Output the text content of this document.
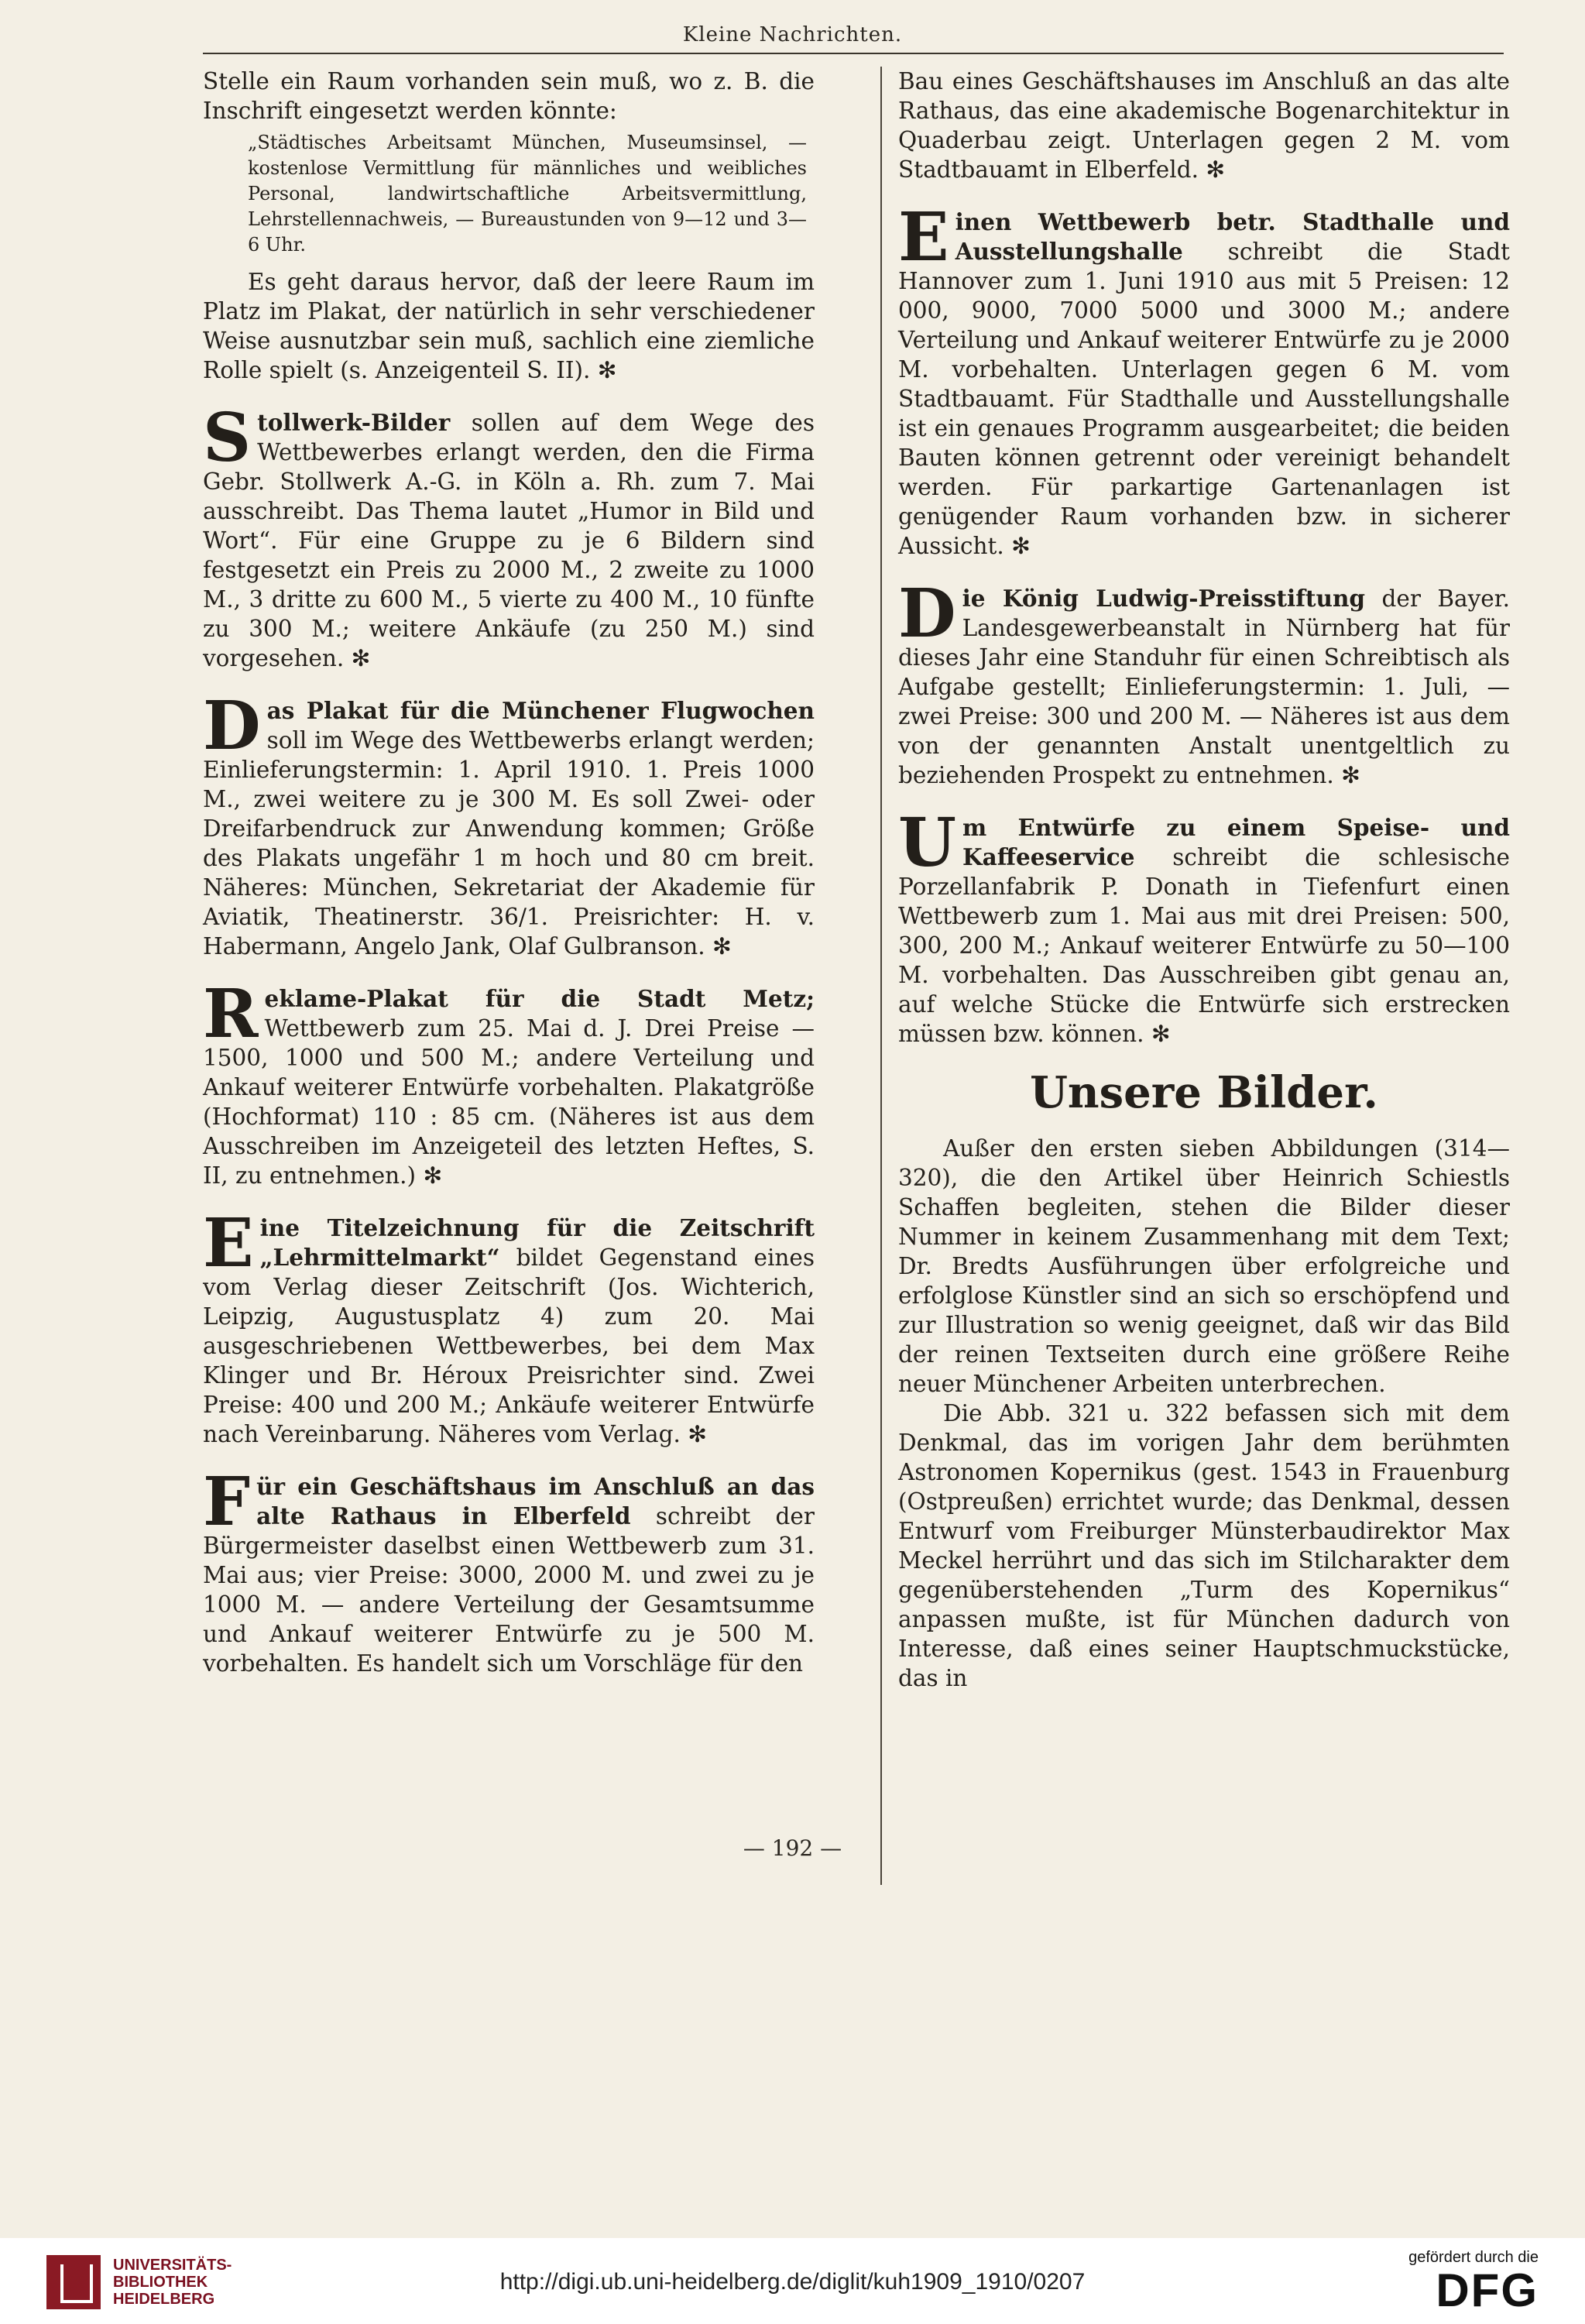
Kleine Nachrichten.

Stelle ein Raum vorhanden sein muß, wo z. B. die Inschrift eingesetzt werden könnte:

„Städtisches Arbeitsamt München, Museumsinsel, — kostenlose Vermittlung für männliches und weibliches Personal, landwirtschaftliche Arbeitsvermittlung, Lehrstellennachweis, — Bureaustunden von 9—12 und 3—6 Uhr.

Es geht daraus hervor, daß der leere Raum im Platz im Plakat, der natürlich in sehr verschiedener Weise ausnutzbar sein muß, sachlich eine ziemliche Rolle spielt (s. Anzeigenteil S. II). ✻

Stollwerk-Bilder sollen auf dem Wege des Wettbewerbes erlangt werden, den die Firma Gebr. Stollwerk A.-G. in Köln a. Rh. zum 7. Mai ausschreibt. Das Thema lautet „Humor in Bild und Wort“. Für eine Gruppe zu je 6 Bildern sind festgesetzt ein Preis zu 2000 M., 2 zweite zu 1000 M., 3 dritte zu 600 M., 5 vierte zu 400 M., 10 fünfte zu 300 M.; weitere Ankäufe (zu 250 M.) sind vorgesehen. ✻

Das Plakat für die Münchener Flugwochen soll im Wege des Wettbewerbs erlangt werden; Einlieferungstermin: 1. April 1910. 1. Preis 1000 M., zwei weitere zu je 300 M. Es soll Zwei- oder Dreifarbendruck zur Anwendung kommen; Größe des Plakats ungefähr 1 m hoch und 80 cm breit. Näheres: München, Sekretariat der Akademie für Aviatik, Theatinerstr. 36/1. Preisrichter: H. v. Habermann, Angelo Jank, Olaf Gulbranson. ✻

Reklame-Plakat für die Stadt Metz; Wettbewerb zum 25. Mai d. J. Drei Preise — 1500, 1000 und 500 M.; andere Verteilung und Ankauf weiterer Entwürfe vorbehalten. Plakatgröße (Hochformat) 110 : 85 cm. (Näheres ist aus dem Ausschreiben im Anzeigeteil des letzten Heftes, S. II, zu entnehmen.) ✻

Eine Titelzeichnung für die Zeitschrift „Lehrmittelmarkt“ bildet Gegenstand eines vom Verlag dieser Zeitschrift (Jos. Wichterich, Leipzig, Augustusplatz 4) zum 20. Mai ausgeschriebenen Wettbewerbes, bei dem Max Klinger und Br. Héroux Preisrichter sind. Zwei Preise: 400 und 200 M.; Ankäufe weiterer Entwürfe nach Vereinbarung. Näheres vom Verlag. ✻

Für ein Geschäftshaus im Anschluß an das alte Rathaus in Elberfeld schreibt der Bürgermeister daselbst einen Wettbewerb zum 31. Mai aus; vier Preise: 3000, 2000 M. und zwei zu je 1000 M. — andere Verteilung der Gesamtsumme und Ankauf weiterer Entwürfe zu je 500 M. vorbehalten. Es handelt sich um Vorschläge für den

Bau eines Geschäftshauses im Anschluß an das alte Rathaus, das eine akademische Bogenarchitektur in Quaderbau zeigt. Unterlagen gegen 2 M. vom Stadtbauamt in Elberfeld. ✻

Einen Wettbewerb betr. Stadthalle und Ausstellungshalle schreibt die Stadt Hannover zum 1. Juni 1910 aus mit 5 Preisen: 12 000, 9000, 7000 5000 und 3000 M.; andere Verteilung und Ankauf weiterer Entwürfe zu je 2000 M. vorbehalten. Unterlagen gegen 6 M. vom Stadtbauamt. Für Stadthalle und Ausstellungshalle ist ein genaues Programm ausgearbeitet; die beiden Bauten können getrennt oder vereinigt behandelt werden. Für parkartige Gartenanlagen ist genügender Raum vorhanden bzw. in sicherer Aussicht. ✻

Die König Ludwig-Preisstiftung der Bayer. Landesgewerbeanstalt in Nürnberg hat für dieses Jahr eine Standuhr für einen Schreibtisch als Aufgabe gestellt; Einlieferungstermin: 1. Juli, — zwei Preise: 300 und 200 M. — Näheres ist aus dem von der genannten Anstalt unentgeltlich zu beziehenden Prospekt zu entnehmen. ✻

Um Entwürfe zu einem Speise- und Kaffeeservice schreibt die schlesische Porzellanfabrik P. Donath in Tiefenfurt einen Wettbewerb zum 1. Mai aus mit drei Preisen: 500, 300, 200 M.; Ankauf weiterer Entwürfe zu 50—100 M. vorbehalten. Das Ausschreiben gibt genau an, auf welche Stücke die Entwürfe sich erstrecken müssen bzw. können. ✻

Unsere Bilder.

Außer den ersten sieben Abbildungen (314—320), die den Artikel über Heinrich Schiestls Schaffen begleiten, stehen die Bilder dieser Nummer in keinem Zusammenhang mit dem Text; Dr. Bredts Ausführungen über erfolgreiche und erfolglose Künstler sind an sich so erschöpfend und zur Illustration so wenig geeignet, daß wir das Bild der reinen Textseiten durch eine größere Reihe neuer Münchener Arbeiten unterbrechen.

Die Abb. 321 u. 322 befassen sich mit dem Denkmal, das im vorigen Jahr dem berühmten Astronomen Kopernikus (gest. 1543 in Frauenburg (Ostpreußen) errichtet wurde; das Denkmal, dessen Entwurf vom Freiburger Münsterbaudirektor Max Meckel herrührt und das sich im Stilcharakter dem gegenüberstehenden „Turm des Kopernikus“ anpassen mußte, ist für München dadurch von Interesse, daß eines seiner Hauptschmuckstücke, das in

— 192 —
UNIVERSITÄTS- BIBLIOTHEK HEIDELBERG
http://digi.ub.uni-heidelberg.de/diglit/kuh1909_1910/0207
gefördert durch die
DFG
